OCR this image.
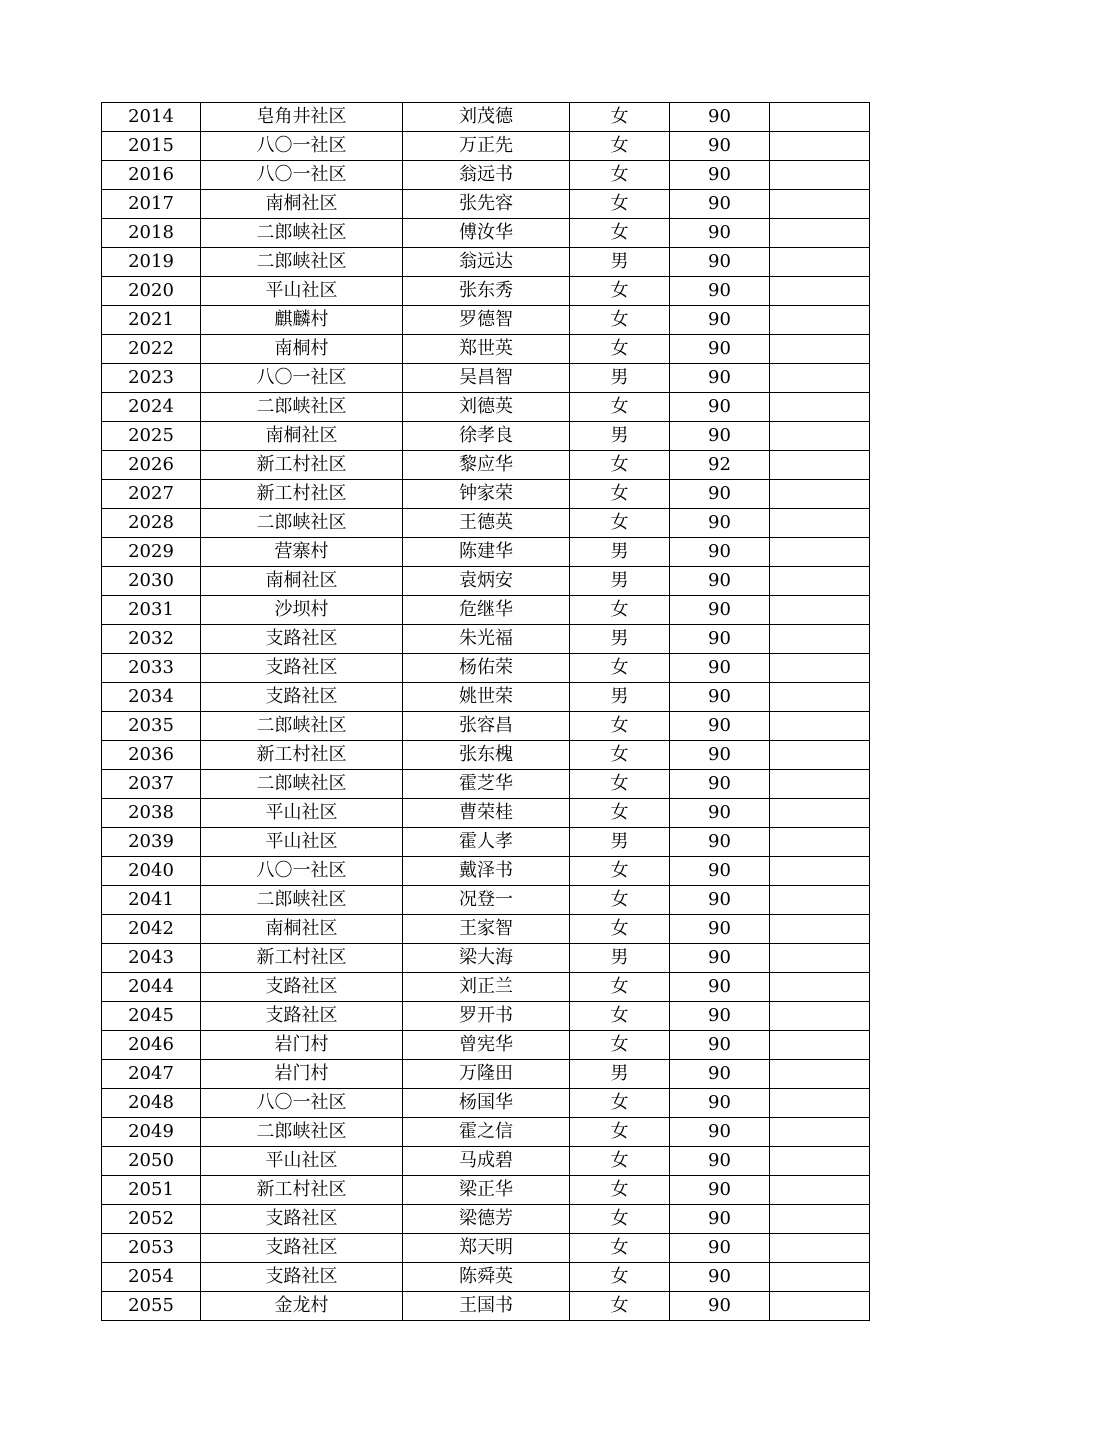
2014	皂角井社区	刘茂德	女	90	
2015	八〇一社区	万正先	女	90	
2016	八〇一社区	翁远书	女	90	
2017	南桐社区	张先容	女	90	
2018	二郎峡社区	傅汝华	女	90	
2019	二郎峡社区	翁远达	男	90	
2020	平山社区	张东秀	女	90	
2021	麒麟村	罗德智	女	90	
2022	南桐村	郑世英	女	90	
2023	八〇一社区	吴昌智	男	90	
2024	二郎峡社区	刘德英	女	90	
2025	南桐社区	徐孝良	男	90	
2026	新工村社区	黎应华	女	92	
2027	新工村社区	钟家荣	女	90	
2028	二郎峡社区	王德英	女	90	
2029	营寨村	陈建华	男	90	
2030	南桐社区	袁炳安	男	90	
2031	沙坝村	危继华	女	90	
2032	支路社区	朱光福	男	90	
2033	支路社区	杨佑荣	女	90	
2034	支路社区	姚世荣	男	90	
2035	二郎峡社区	张容昌	女	90	
2036	新工村社区	张东槐	女	90	
2037	二郎峡社区	霍芝华	女	90	
2038	平山社区	曹荣桂	女	90	
2039	平山社区	霍人孝	男	90	
2040	八〇一社区	戴泽书	女	90	
2041	二郎峡社区	况登一	女	90	
2042	南桐社区	王家智	女	90	
2043	新工村社区	梁大海	男	90	
2044	支路社区	刘正兰	女	90	
2045	支路社区	罗开书	女	90	
2046	岩门村	曾宪华	女	90	
2047	岩门村	万隆田	男	90	
2048	八〇一社区	杨国华	女	90	
2049	二郎峡社区	霍之信	女	90	
2050	平山社区	马成碧	女	90	
2051	新工村社区	梁正华	女	90	
2052	支路社区	梁德芳	女	90	
2053	支路社区	郑天明	女	90	
2054	支路社区	陈舜英	女	90	
2055	金龙村	王国书	女	90	
